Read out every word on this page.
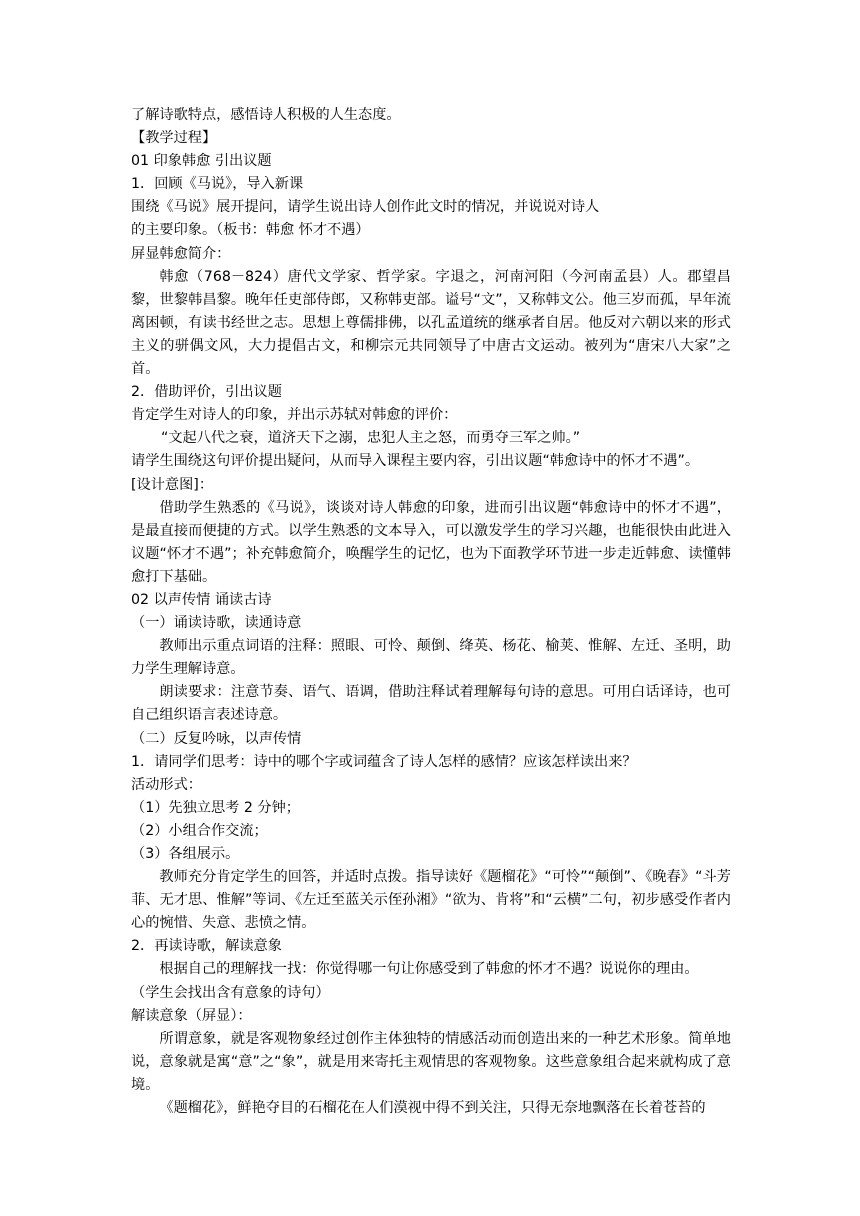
了解诗歌特点，感悟诗人积极的人生态度。
【教学过程】
01 印象韩愈 引出议题
1．回顾《马说》，导入新课
围绕《马说》展开提问，请学生说出诗人创作此文时的情况，并说说对诗人
的主要印象。（板书：韩愈 怀才不遇）
屏显韩愈简介：
韩愈（768－824）唐代文学家、哲学家。字退之，河南河阳（今河南孟县）人。郡望昌黎，世黎韩昌黎。晚年任吏部侍郎，又称韩吏部。谥号“文”，又称韩文公。他三岁而孤，早年流离困顿，有读书经世之志。思想上尊儒排佛，以孔孟道统的继承者自居。他反对六朝以来的形式主义的骈偶文风，大力提倡古文，和柳宗元共同领导了中唐古文运动。被列为“唐宋八大家”之首。
2．借助评价，引出议题
肯定学生对诗人的印象，并出示苏轼对韩愈的评价：
“文起八代之衰，道济天下之溺，忠犯人主之怒，而勇夺三军之帅。”
请学生围绕这句评价提出疑问，从而导入课程主要内容，引出议题“韩愈诗中的怀才不遇”。
[设计意图]：
借助学生熟悉的《马说》，谈谈对诗人韩愈的印象，进而引出议题“韩愈诗中的怀才不遇”，是最直接而便捷的方式。以学生熟悉的文本导入，可以激发学生的学习兴趣，也能很快由此进入议题“怀才不遇”；补充韩愈简介，唤醒学生的记忆，也为下面教学环节进一步走近韩愈、读懂韩愈打下基础。
02 以声传情 诵读古诗
（一）诵读诗歌，读通诗意
教师出示重点词语的注释：照眼、可怜、颠倒、绛英、杨花、榆荚、惟解、左迁、圣明，助力学生理解诗意。
朗读要求：注意节奏、语气、语调，借助注释试着理解每句诗的意思。可用白话译诗，也可自己组织语言表述诗意。
（二）反复吟咏，以声传情
1．请同学们思考：诗中的哪个字或词蕴含了诗人怎样的感情？应该怎样读出来？
活动形式：
（1）先独立思考 2 分钟；
（2）小组合作交流；
（3）各组展示。
教师充分肯定学生的回答，并适时点拨。指导读好《题榴花》“可怜”“颠倒”、《晚春》“斗芳菲、无才思、惟解”等词、《左迁至蓝关示侄孙湘》“欲为、肯将”和“云横”二句，初步感受作者内心的惋惜、失意、悲愤之情。
2．再读诗歌，解读意象
根据自己的理解找一找：你觉得哪一句让你感受到了韩愈的怀才不遇？说说你的理由。
（学生会找出含有意象的诗句）
解读意象（屏显）：
所谓意象，就是客观物象经过创作主体独特的情感活动而创造出来的一种艺术形象。简单地说，意象就是寓“意”之“象”，就是用来寄托主观情思的客观物象。这些意象组合起来就构成了意境。
《题榴花》，鲜艳夺目的石榴花在人们漠视中得不到关注，只得无奈地飘落在长着苍苔的
